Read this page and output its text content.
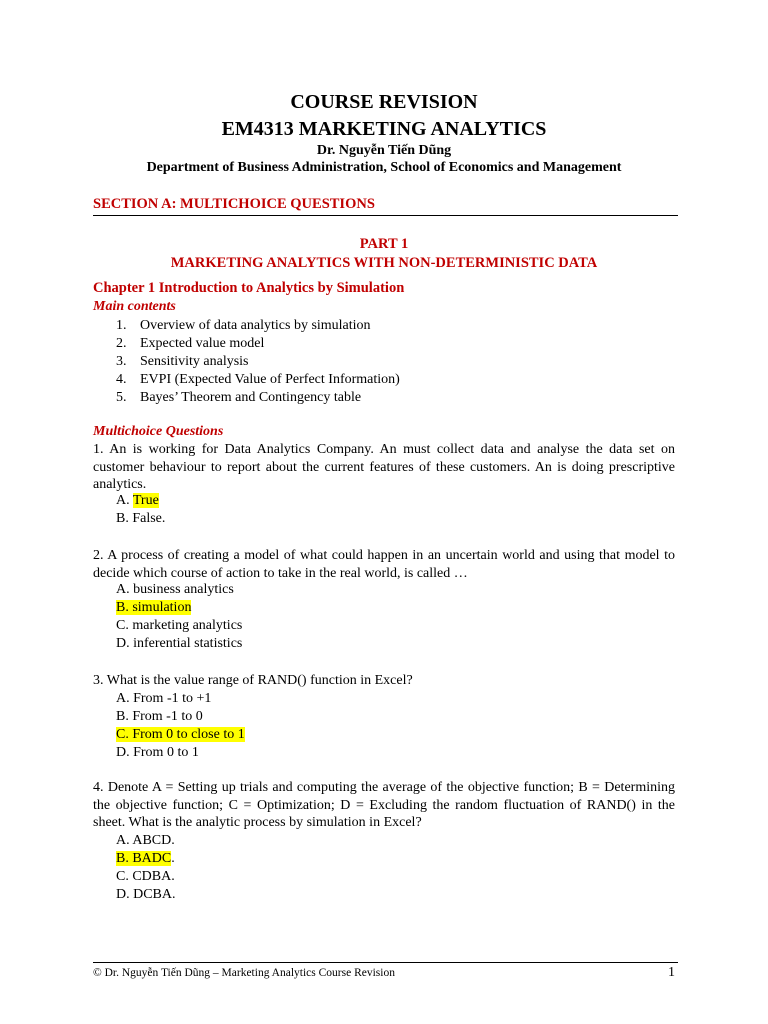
COURSE REVISION
EM4313 MARKETING ANALYTICS
Dr. Nguyễn Tiến Dũng
Department of Business Administration, School of Economics and Management
SECTION A: MULTICHOICE QUESTIONS
PART 1
MARKETING ANALYTICS WITH NON-DETERMINISTIC DATA
Chapter 1 Introduction to Analytics by Simulation
Main contents
1. Overview of data analytics by simulation
2. Expected value model
3. Sensitivity analysis
4. EVPI (Expected Value of Perfect Information)
5. Bayes’ Theorem and Contingency table
Multichoice Questions
1. An is working for Data Analytics Company. An must collect data and analyse the data set on customer behaviour to report about the current features of these customers. An is doing prescriptive analytics.
A. True
B. False.
2. A process of creating a model of what could happen in an uncertain world and using that model to decide which course of action to take in the real world, is called …
A. business analytics
B. simulation
C. marketing analytics
D. inferential statistics
3. What is the value range of RAND() function in Excel?
A. From -1 to +1
B. From -1 to 0
C. From 0 to close to 1
D. From 0 to 1
4. Denote A = Setting up trials and computing the average of the objective function; B = Determining the objective function; C = Optimization; D = Excluding the random fluctuation of RAND() in the sheet. What is the analytic process by simulation in Excel?
A. ABCD.
B. BADC.
C. CDBA.
D. DCBA.
© Dr. Nguyễn Tiến Dũng – Marketing Analytics Course Revision	1
